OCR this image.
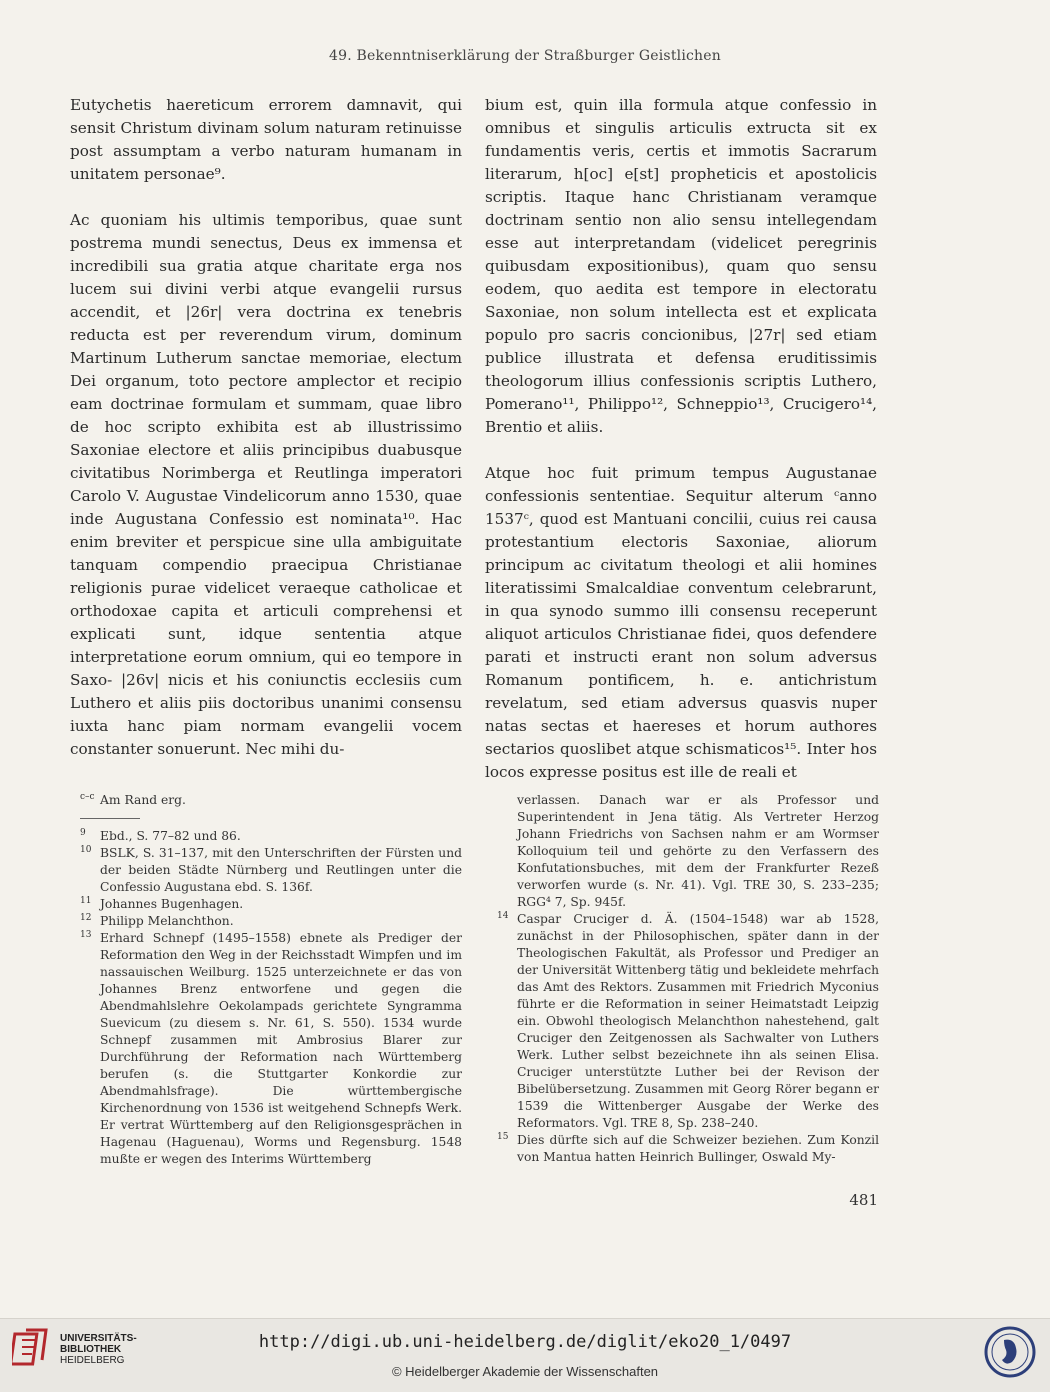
49. Bekenntniserklärung der Straßburger Geistlichen

Eutychetis haereticum errorem damnavit, qui sensit Christum divinam solum naturam retinuisse post assumptam a verbo naturam humanam in unitatem personae⁹.

Ac quoniam his ultimis temporibus, quae sunt postrema mundi senectus, Deus ex immensa et incredibili sua gratia atque charitate erga nos lucem sui divini verbi atque evangelii rursus accendit, et |26r| vera doctrina ex tenebris reducta est per reverendum virum, dominum Martinum Lutherum sanctae memoriae, electum Dei organum, toto pectore amplector et recipio eam doctrinae formulam et summam, quae libro de hoc scripto exhibita est ab illustrissimo Saxoniae electore et aliis principibus duabusque civitatibus Norimberga et Reutlinga imperatori Carolo V. Augustae Vindelicorum anno 1530, quae inde Augustana Confessio est nominata¹⁰. Hac enim breviter et perspicue sine ulla ambiguitate tanquam compendio praecipua Christianae religionis purae videlicet veraeque catholicae et orthodoxae capita et articuli comprehensi et explicati sunt, idque sententia atque interpretatione eorum omnium, qui eo tempore in Saxo- |26v| nicis et his coniunctis ecclesiis cum Luthero et aliis piis doctoribus unanimi consensu iuxta hanc piam normam evangelii vocem constanter sonuerunt. Nec mihi du-

bium est, quin illa formula atque confessio in omnibus et singulis articulis extructa sit ex fundamentis veris, certis et immotis Sacrarum literarum, h[oc] e[st] propheticis et apostolicis scriptis. Itaque hanc Christianam veramque doctrinam sentio non alio sensu intellegendam esse aut interpretandam (videlicet peregrinis quibusdam expositionibus), quam quo sensu eodem, quo aedita est tempore in electoratu Saxoniae, non solum intellecta est et explicata populo pro sacris concionibus, |27r| sed etiam publice illustrata et defensa eruditissimis theologorum illius confessionis scriptis Luthero, Pomerano¹¹, Philippo¹², Schneppio¹³, Crucigero¹⁴, Brentio et aliis.

Atque hoc fuit primum tempus Augustanae confessionis sententiae. Sequitur alterum ᶜanno 1537ᶜ, quod est Mantuani concilii, cuius rei causa protestantium electoris Saxoniae, aliorum principum ac civitatum theologi et alii homines literatissimi Smalcaldiae conventum celebrarunt, in qua synodo summo illi consensu receperunt aliquot articulos Christianae fidei, quos defendere parati et instructi erant non solum adversus Romanum pontificem, h. e. antichristum revelatum, sed etiam adversus quasvis nuper natas sectas et haereses et horum authores sectarios quoslibet atque schismaticos¹⁵. Inter hos locos expresse positus est ille de reali et

c–c Am Rand erg.

9 Ebd., S. 77–82 und 86.

10 BSLK, S. 31–137, mit den Unterschriften der Fürsten und der beiden Städte Nürnberg und Reutlingen unter die Confessio Augustana ebd. S. 136f.

11 Johannes Bugenhagen.

12 Philipp Melanchthon.

13 Erhard Schnepf (1495–1558) ebnete als Prediger der Reformation den Weg in der Reichsstadt Wimpfen und im nassauischen Weilburg. 1525 unterzeichnete er das von Johannes Brenz entworfene und gegen die Abendmahlslehre Oekolampads gerichtete Syngramma Suevicum (zu diesem s. Nr. 61, S. 550). 1534 wurde Schnepf zusammen mit Ambrosius Blarer zur Durchführung der Reformation nach Württemberg berufen (s. die Stuttgarter Konkordie zur Abendmahlsfrage). Die württembergische Kirchenordnung von 1536 ist weitgehend Schnepfs Werk. Er vertrat Württemberg auf den Religionsgesprächen in Hagenau (Haguenau), Worms und Regensburg. 1548 mußte er wegen des Interims Württemberg

verlassen. Danach war er als Professor und Superintendent in Jena tätig. Als Vertreter Herzog Johann Friedrichs von Sachsen nahm er am Wormser Kolloquium teil und gehörte zu den Verfassern des Konfutationsbuches, mit dem der Frankfurter Rezeß verworfen wurde (s. Nr. 41). Vgl. TRE 30, S. 233–235; RGG⁴ 7, Sp. 945f.

14 Caspar Cruciger d. Ä. (1504–1548) war ab 1528, zunächst in der Philosophischen, später dann in der Theologischen Fakultät, als Professor und Prediger an der Universität Wittenberg tätig und bekleidete mehrfach das Amt des Rektors. Zusammen mit Friedrich Myconius führte er die Reformation in seiner Heimatstadt Leipzig ein. Obwohl theologisch Melanchthon nahestehend, galt Cruciger den Zeitgenossen als Sachwalter von Luthers Werk. Luther selbst bezeichnete ihn als seinen Elisa. Cruciger unterstützte Luther bei der Revison der Bibelübersetzung. Zusammen mit Georg Rörer begann er 1539 die Wittenberger Ausgabe der Werke des Reformators. Vgl. TRE 8, Sp. 238–240.

15 Dies dürfte sich auf die Schweizer beziehen. Zum Konzil von Mantua hatten Heinrich Bullinger, Oswald My-

481
UNIVERSITÄTS-
BIBLIOTHEK
HEIDELBERG
http://digi.ub.uni-heidelberg.de/diglit/eko20_1/0497
© Heidelberger Akademie der Wissenschaften
